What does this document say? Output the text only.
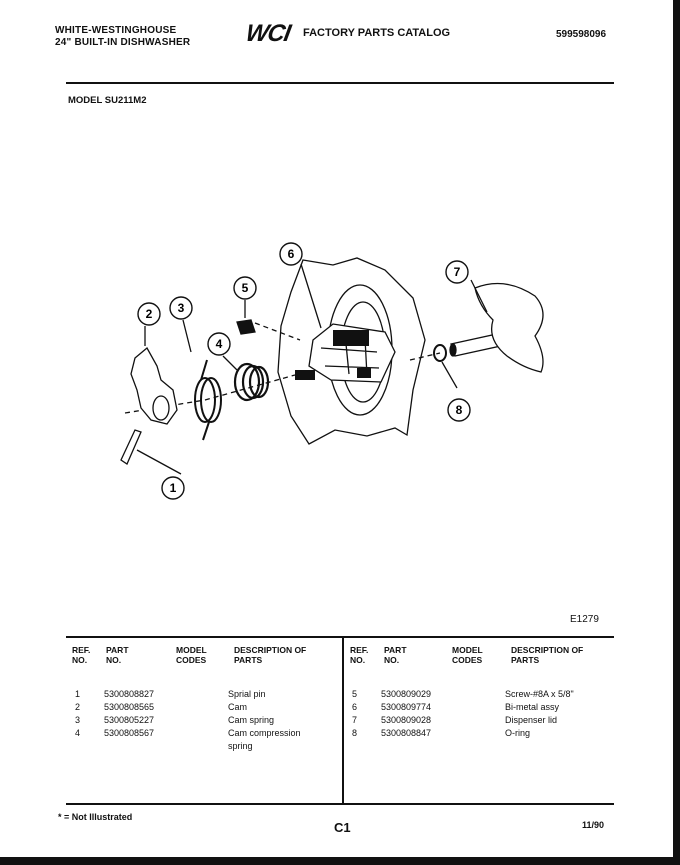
WHITE-WESTINGHOUSE
24" BUILT-IN DISHWASHER WCI FACTORY PARTS CATALOG	599598096
MODEL SU211M2
2 3
4
5
6
7
8
1
E1279
REF. NO.
PART NO.
MODEL CODES
DESCRIPTION OF PARTS
REF. NO.
PART NO.
MODEL CODES
DESCRIPTION OF PARTS
1	5300808827	Sprial pin
2	5300808565	Cam
3	5300805227	Cam spring
4	5300808567	Cam compression spring
5	5300809029	Screw-#8A x 5/8"
6	5300809774	Bi-metal assy
7	5300809028	Dispenser lid
8	5300808847	O-ring
* = Not Illustrated
C1	11/90
